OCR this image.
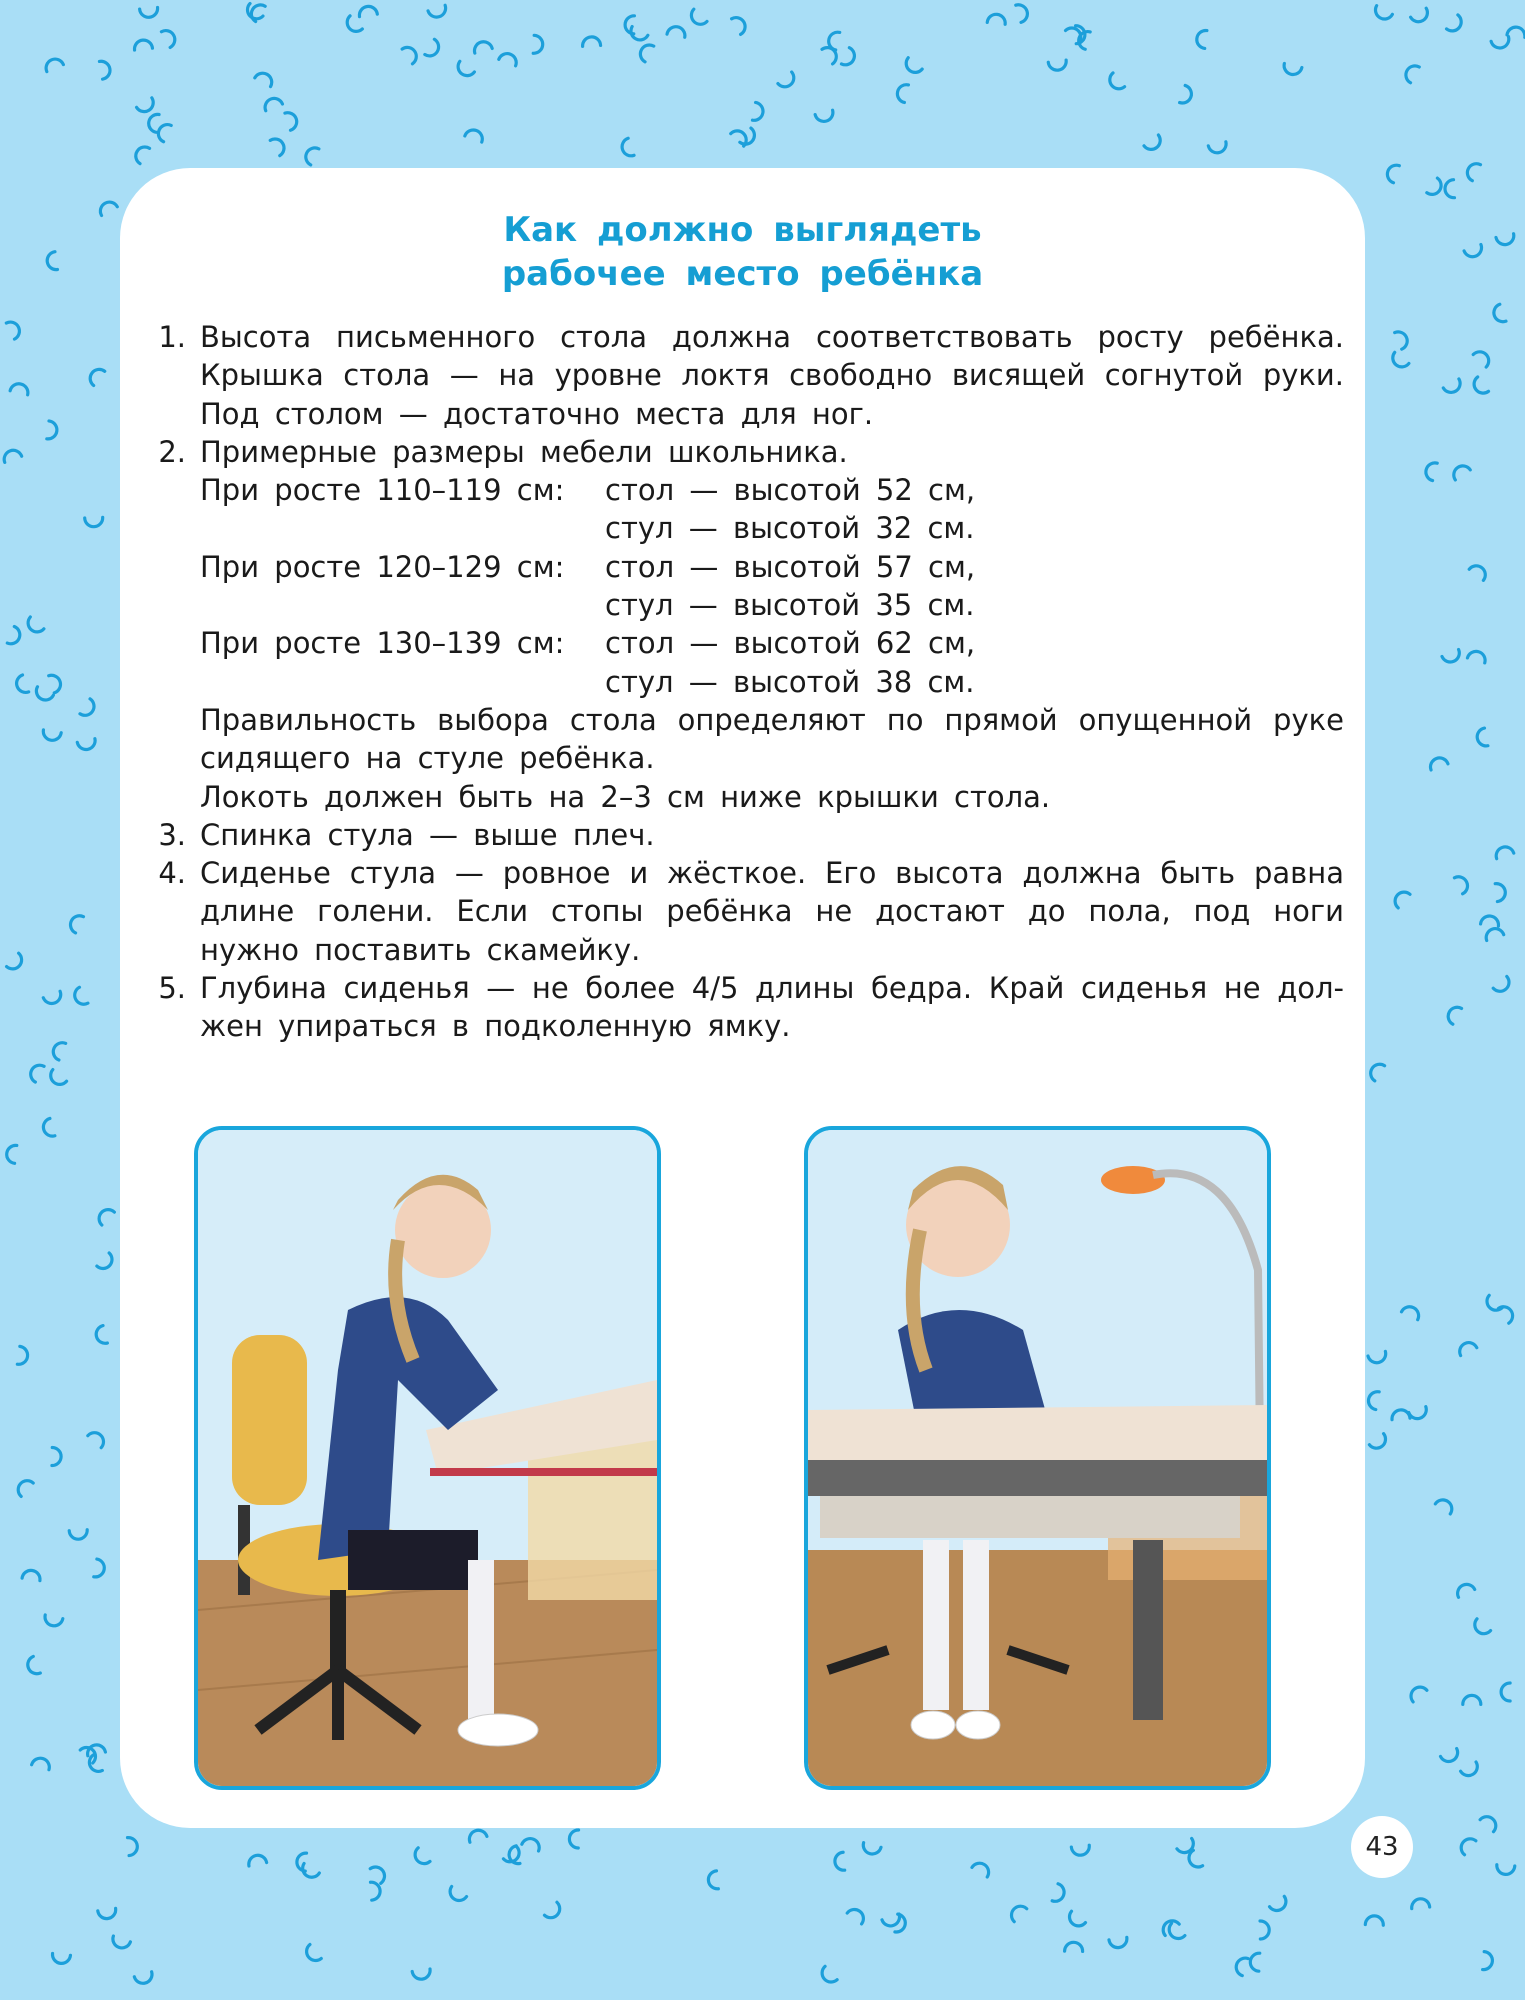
Как должно выглядеть
рабочее место ребёнка
1. Высота письменного стола должна соответствовать росту ребёнка.
Крышка стола — на уровне локтя свободно висящей согнутой руки.
Под столом — достаточно места для ног.
2. Примерные размеры мебели школьника.
При росте 110–119 см:	стол — высотой 52 см,
стул — высотой 32 см.
При росте 120–129 см:	стол — высотой 57 см,
стул — высотой 35 см.
При росте 130–139 см:	стол — высотой 62 см,
стул — высотой 38 см.
Правильность выбора стола определяют по прямой опущенной руке
сидящего на стуле ребёнка.
Локоть должен быть на 2–3 см ниже крышки стола.
3. Спинка стула — выше плеч.
4. Сиденье стула — ровное и жёсткое. Его высота должна быть равна
длине голени. Если стопы ребёнка не достают до пола, под ноги
нужно поставить скамейку.
5. Глубина сиденья — не более 4/5 длины бедра. Край сиденья не дол-
жен упираться в подколенную ямку.
43
